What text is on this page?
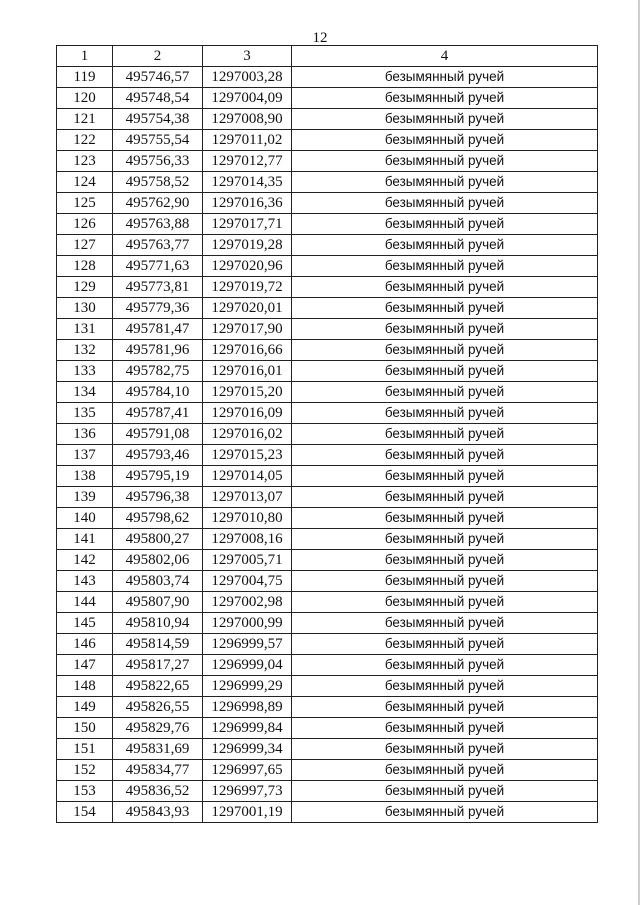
12
1	2	3	4
119	495746,57	1297003,28	безымянный ручей
120	495748,54	1297004,09	безымянный ручей
121	495754,38	1297008,90	безымянный ручей
122	495755,54	1297011,02	безымянный ручей
123	495756,33	1297012,77	безымянный ручей
124	495758,52	1297014,35	безымянный ручей
125	495762,90	1297016,36	безымянный ручей
126	495763,88	1297017,71	безымянный ручей
127	495763,77	1297019,28	безымянный ручей
128	495771,63	1297020,96	безымянный ручей
129	495773,81	1297019,72	безымянный ручей
130	495779,36	1297020,01	безымянный ручей
131	495781,47	1297017,90	безымянный ручей
132	495781,96	1297016,66	безымянный ручей
133	495782,75	1297016,01	безымянный ручей
134	495784,10	1297015,20	безымянный ручей
135	495787,41	1297016,09	безымянный ручей
136	495791,08	1297016,02	безымянный ручей
137	495793,46	1297015,23	безымянный ручей
138	495795,19	1297014,05	безымянный ручей
139	495796,38	1297013,07	безымянный ручей
140	495798,62	1297010,80	безымянный ручей
141	495800,27	1297008,16	безымянный ручей
142	495802,06	1297005,71	безымянный ручей
143	495803,74	1297004,75	безымянный ручей
144	495807,90	1297002,98	безымянный ручей
145	495810,94	1297000,99	безымянный ручей
146	495814,59	1296999,57	безымянный ручей
147	495817,27	1296999,04	безымянный ручей
148	495822,65	1296999,29	безымянный ручей
149	495826,55	1296998,89	безымянный ручей
150	495829,76	1296999,84	безымянный ручей
151	495831,69	1296999,34	безымянный ручей
152	495834,77	1296997,65	безымянный ручей
153	495836,52	1296997,73	безымянный ручей
154	495843,93	1297001,19	безымянный ручей
